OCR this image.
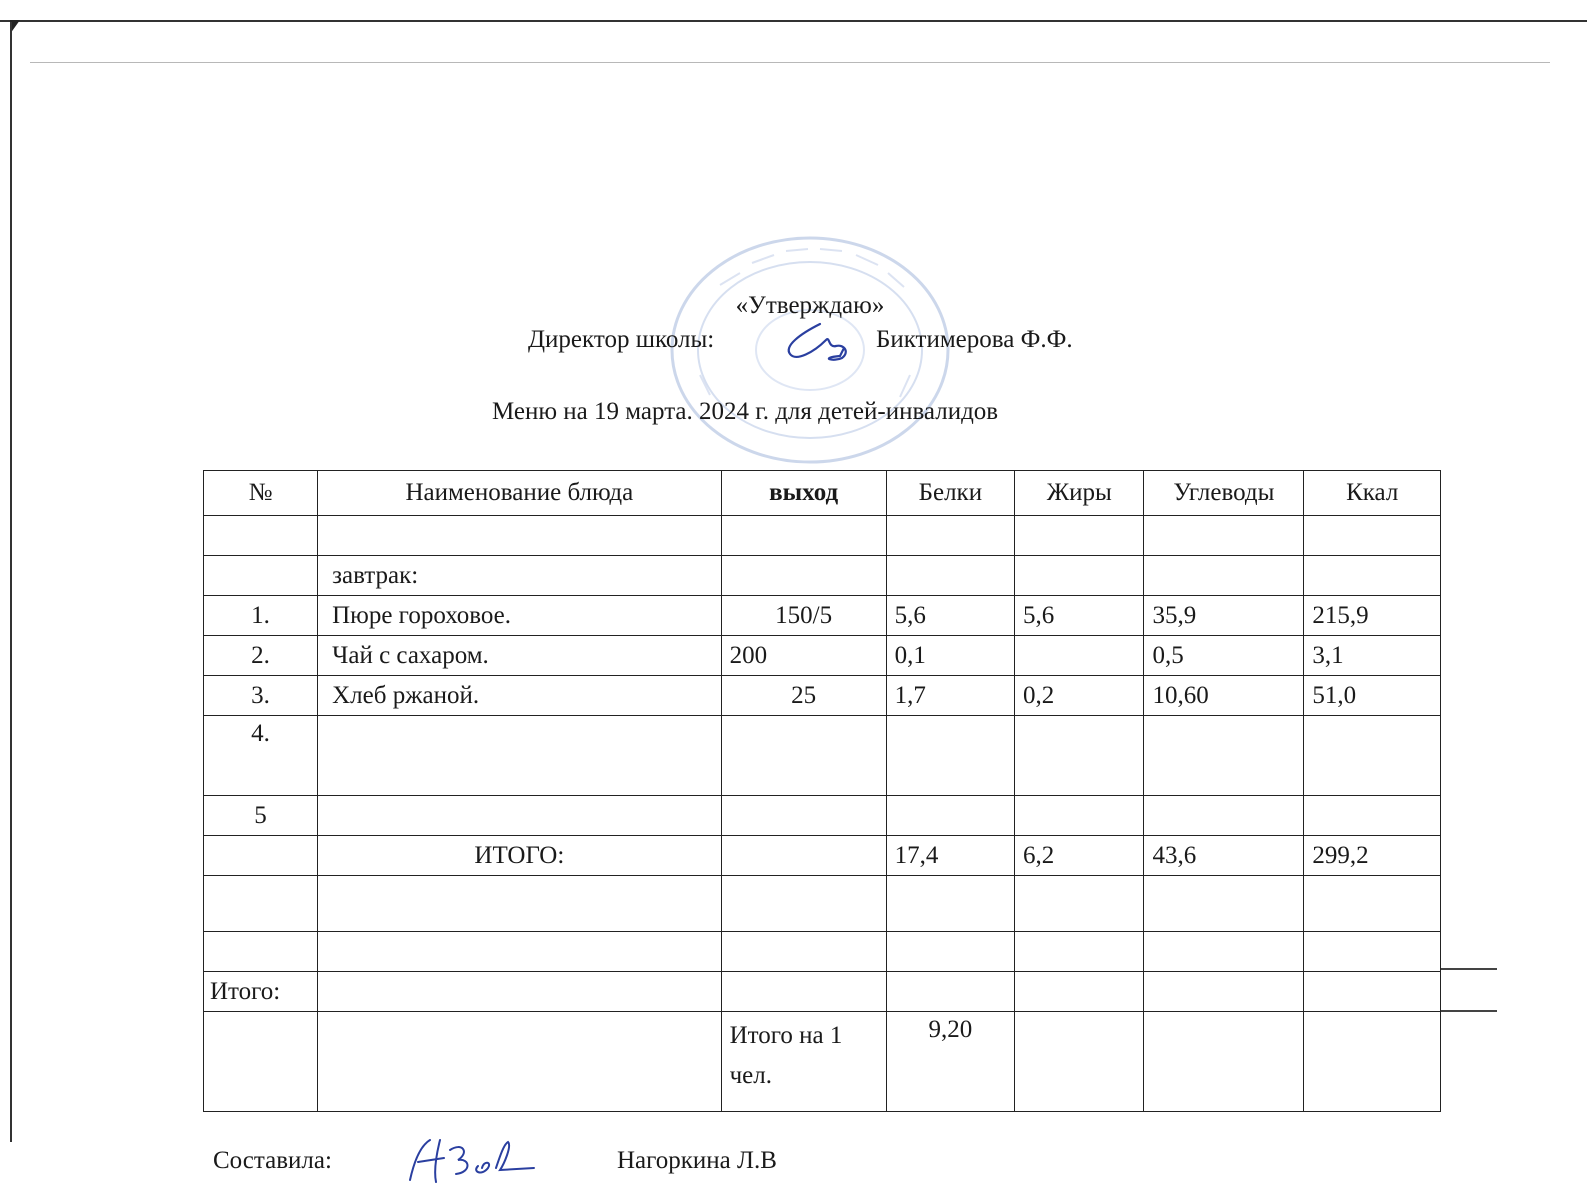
«Утверждаю»
Директор школы:	Биктимерова Ф.Ф.
Меню на 19 марта. 2024 г. для детей-инвалидов
№	Наименование блюда	выход	Белки	Жиры	Углеводы	Ккал

	завтрак:					
1.	Пюре гороховое.	150/5	5,6	5,6	35,9	215,9
2.	Чай с сахаром.	200	0,1		0,5	3,1
3.	Хлеб ржаной.	25	1,7	0,2	10,60	51,0
4.						
5						
	ИТОГО:		17,4	6,2	43,6	299,2

Итого:						
		Итого на 1 чел.	9,20			
Составила:	Нагоркина Л.В
